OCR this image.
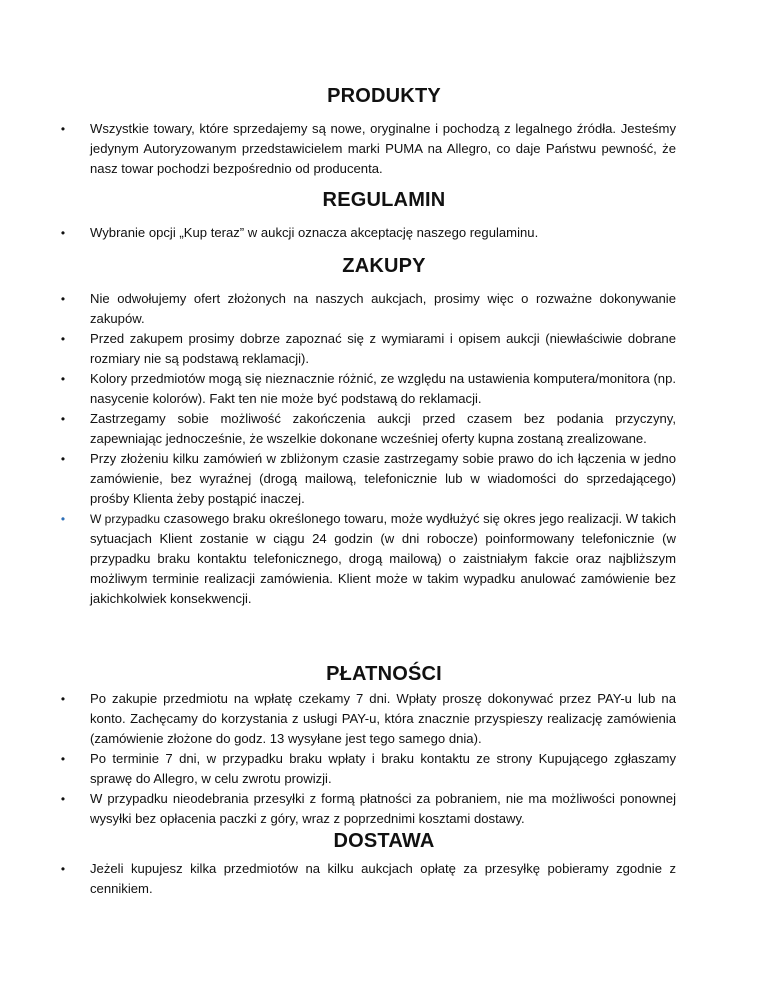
PRODUKTY
• Wszystkie towary, które sprzedajemy są nowe, oryginalne i pochodzą z legalnego źródła. Jesteśmy jedynym Autoryzowanym przedstawicielem marki PUMA na Allegro, co daje Państwu pewność, że nasz towar pochodzi bezpośrednio od producenta.
REGULAMIN
• Wybranie opcji „Kup teraz” w aukcji oznacza akceptację naszego regulaminu.
ZAKUPY
• Nie odwołujemy ofert złożonych na naszych aukcjach, prosimy więc o rozważne dokonywanie zakupów.
• Przed zakupem prosimy dobrze zapoznać się z wymiarami i opisem aukcji (niewłaściwie dobrane rozmiary nie są podstawą reklamacji).
• Kolory przedmiotów mogą się nieznacznie różnić, ze względu na ustawienia komputera/monitora (np. nasycenie kolorów). Fakt ten nie może być podstawą do reklamacji.
• Zastrzegamy sobie możliwość zakończenia aukcji przed czasem bez podania przyczyny, zapewniając jednocześnie, że wszelkie dokonane wcześniej oferty kupna zostaną zrealizowane.
• Przy złożeniu kilku zamówień w zbliżonym czasie zastrzegamy sobie prawo do ich łączenia w jedno zamówienie, bez wyraźnej (drogą mailową, telefonicznie lub w wiadomości do sprzedającego) prośby Klienta żeby postąpić inaczej.
• W przypadku czasowego braku określonego towaru, może wydłużyć się okres jego realizacji. W takich sytuacjach Klient zostanie w ciągu 24 godzin (w dni robocze) poinformowany telefonicznie (w przypadku braku kontaktu telefonicznego, drogą mailową) o zaistniałym fakcie oraz najbliższym możliwym terminie realizacji zamówienia. Klient może w takim wypadku anulować zamówienie bez jakichkolwiek konsekwencji.
PŁATNOŚCI
• Po zakupie przedmiotu na wpłatę czekamy 7 dni. Wpłaty proszę dokonywać przez PAY-u lub na konto. Zachęcamy do korzystania z usługi PAY-u, która znacznie przyspieszy realizację zamówienia (zamówienie złożone do godz. 13 wysyłane jest tego samego dnia).
• Po terminie 7 dni, w przypadku braku wpłaty i braku kontaktu ze strony Kupującego zgłaszamy sprawę do Allegro, w celu zwrotu prowizji.
• W przypadku nieodebrania przesyłki z formą płatności za pobraniem, nie ma możliwości ponownej wysyłki bez opłacenia paczki z góry, wraz z poprzednimi kosztami dostawy.
DOSTAWA
• Jeżeli kupujesz kilka przedmiotów na kilku aukcjach opłatę za przesyłkę pobieramy zgodnie z cennikiem.
